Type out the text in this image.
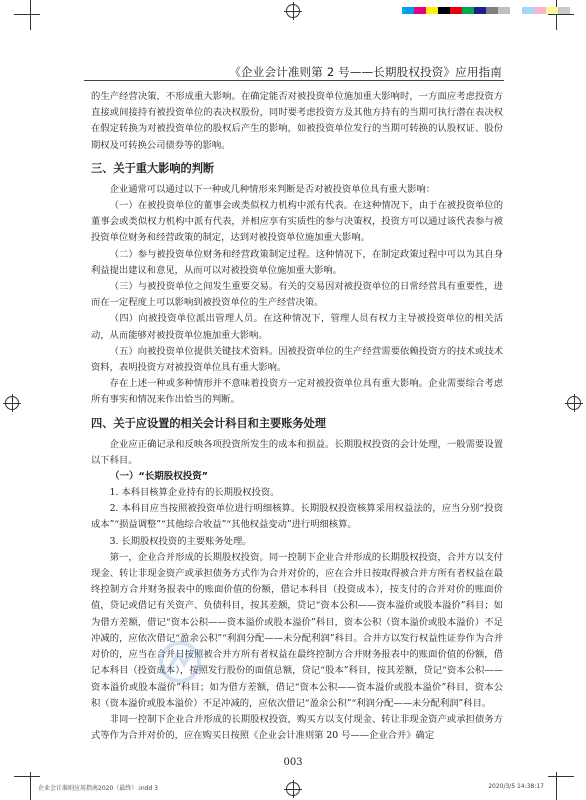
《企业会计准则第 2 号——长期股权投资》应用指南

的生产经营决策，不形成重大影响。在确定能否对被投资单位施加重大影响时，一方面应考虑投资方直接或间接持有被投资单位的表决权股份，同时要考虑投资方及其他方持有的当期可执行潜在表决权在假定转换为对被投资单位的股权后产生的影响，如被投资单位发行的当期可转换的认股权证、股份期权及可转换公司债券等的影响。

三、关于重大影响的判断

企业通常可以通过以下一种或几种情形来判断是否对被投资单位具有重大影响：

（一）在被投资单位的董事会或类似权力机构中派有代表。在这种情况下，由于在被投资单位的董事会或类似权力机构中派有代表，并相应享有实质性的参与决策权，投资方可以通过该代表参与被投资单位财务和经营政策的制定，达到对被投资单位施加重大影响。

（二）参与被投资单位财务和经营政策制定过程。这种情况下，在制定政策过程中可以为其自身利益提出建议和意见，从而可以对被投资单位施加重大影响。

（三）与被投资单位之间发生重要交易。有关的交易因对被投资单位的日常经营具有重要性，进而在一定程度上可以影响到被投资单位的生产经营决策。

（四）向被投资单位派出管理人员。在这种情况下，管理人员有权力主导被投资单位的相关活动，从而能够对被投资单位施加重大影响。

（五）向被投资单位提供关键技术资料。因被投资单位的生产经营需要依赖投资方的技术或技术资料，表明投资方对被投资单位具有重大影响。

存在上述一种或多种情形并不意味着投资方一定对被投资单位具有重大影响。企业需要综合考虑所有事实和情况来作出恰当的判断。

四、关于应设置的相关会计科目和主要账务处理

企业应正确记录和反映各项投资所发生的成本和损益。长期股权投资的会计处理，一般需要设置以下科目。

（一）“长期股权投资”

1. 本科目核算企业持有的长期股权投资。

2. 本科目应当按照被投资单位进行明细核算。长期股权投资核算采用权益法的，应当分别“投资成本”“损益调整”“其他综合收益”“其他权益变动”进行明细核算。

3. 长期股权投资的主要账务处理。

第一，企业合并形成的长期股权投资。同一控制下企业合并形成的长期股权投资，合并方以支付现金、转让非现金资产或承担债务方式作为合并对价的，应在合并日按取得被合并方所有者权益在最终控制方合并财务报表中的账面价值的份额，借记本科目（投资成本），按支付的合并对价的账面价值，贷记或借记有关资产、负债科目，按其差额，贷记“资本公积——资本溢价或股本溢价”科目；如为借方差额，借记“资本公积——资本溢价或股本溢价”科目，资本公积（资本溢价或股本溢价）不足冲减的，应依次借记“盈余公积”“利润分配——未分配利润”科目。合并方以发行权益性证券作为合并对价的，应当在合并日按照被合并方所有者权益在最终控制方合并财务报表中的账面价值的份额，借记本科目（投资成本），按照发行股份的面值总额，贷记“股本”科目，按其差额，贷记“资本公积——资本溢价或股本溢价”科目；如为借方差额，借记“资本公积——资本溢价或股本溢价”科目，资本公积（资本溢价或股本溢价）不足冲减的，应依次借记“盈余公积”“利润分配——未分配利润”科目。

非同一控制下企业合并形成的长期股权投资，购买方以支付现金、转让非现金资产或承担债务方式等作为合并对价的，应在购买日按照《企业会计准则第 20 号——企业合并》确定

003
企业会计准则应用指南2020（最终）.indd 3	2020/3/5 14:38:17
